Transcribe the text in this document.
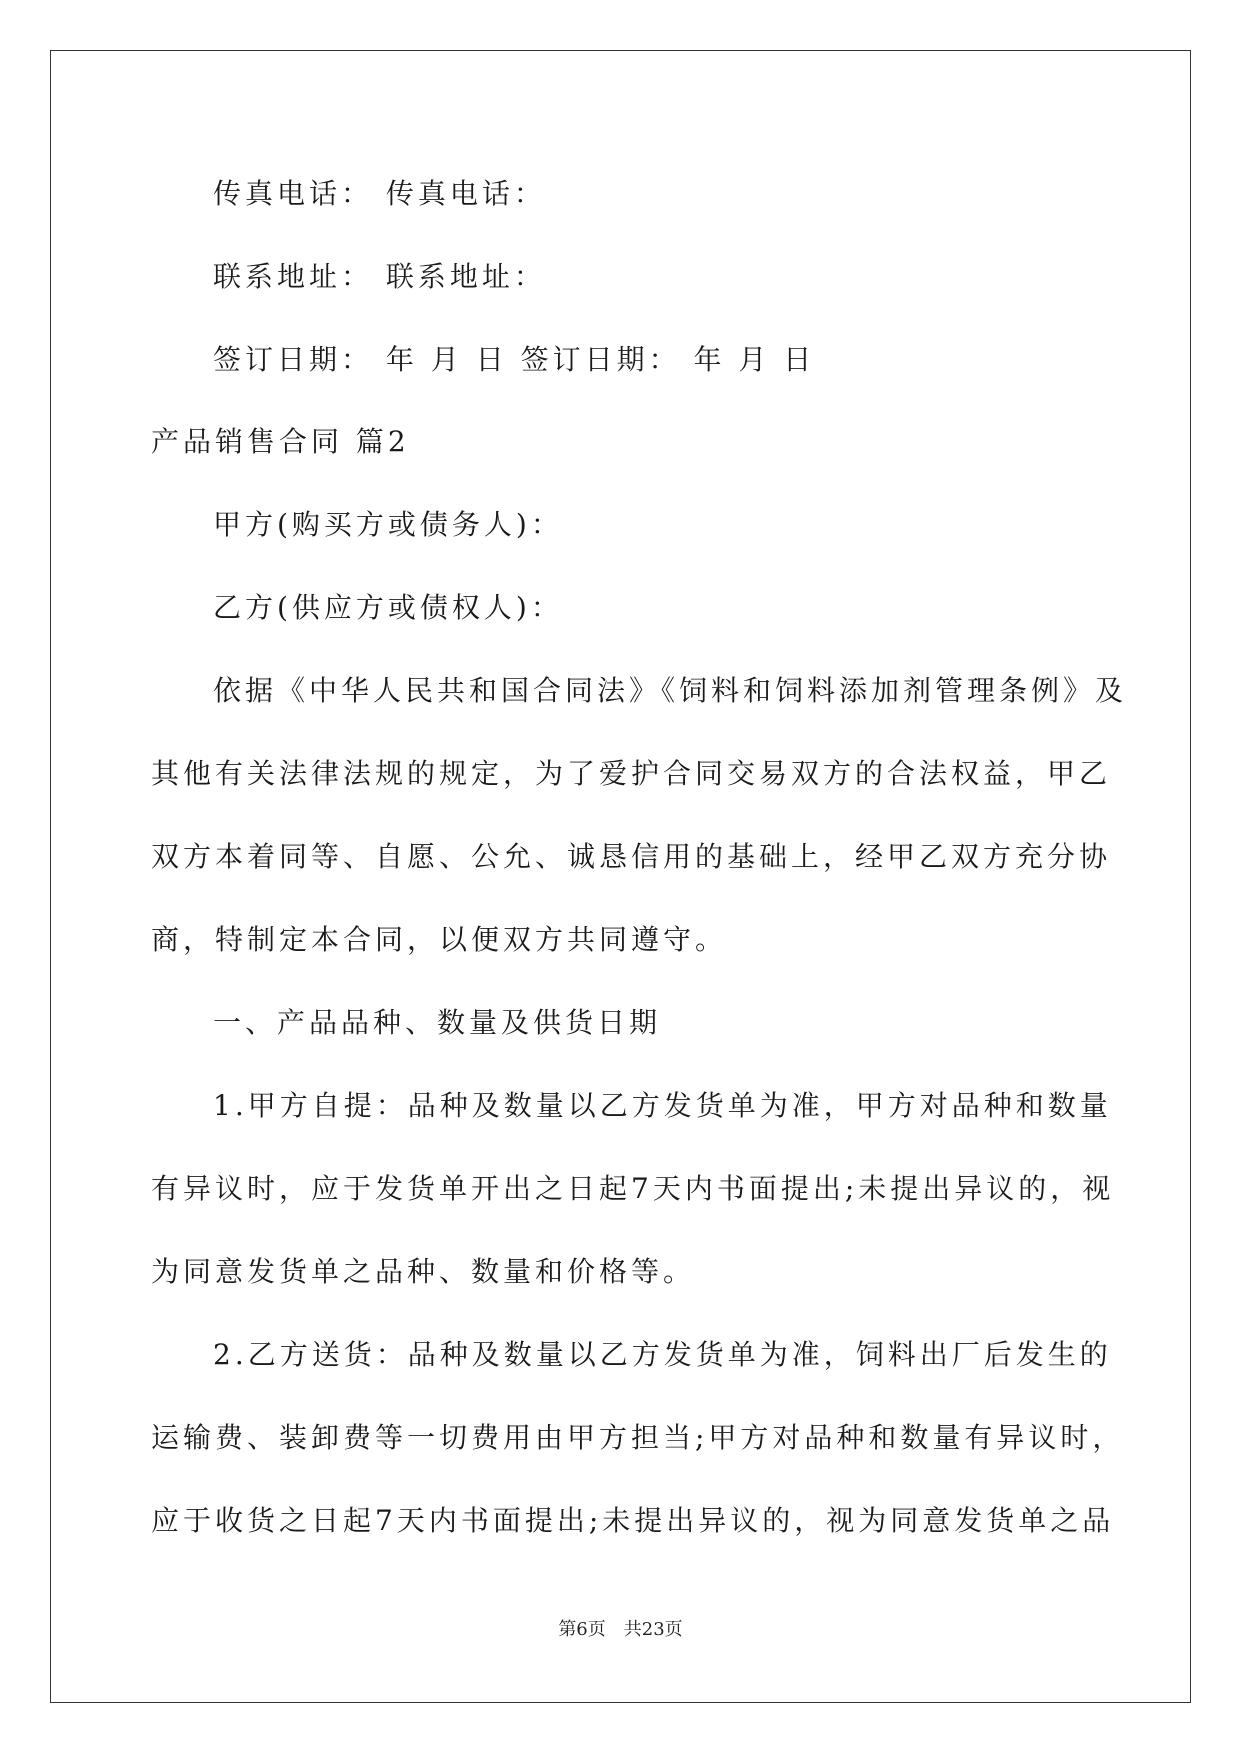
传真电话： 传真电话：
联系地址： 联系地址：
签订日期： 年 月 日 签订日期： 年 月 日
产品销售合同 篇2
甲方(购买方或债务人)：
乙方(供应方或债权人)：
依据《中华人民共和国合同法》《饲料和饲料添加剂管理条例》及
其他有关法律法规的规定，为了爱护合同交易双方的合法权益，甲乙
双方本着同等、自愿、公允、诚恳信用的基础上，经甲乙双方充分协
商，特制定本合同，以便双方共同遵守。
一、产品品种、数量及供货日期
1.甲方自提：品种及数量以乙方发货单为准，甲方对品种和数量
有异议时，应于发货单开出之日起7天内书面提出;未提出异议的，视
为同意发货单之品种、数量和价格等。
2.乙方送货：品种及数量以乙方发货单为准，饲料出厂后发生的
运输费、装卸费等一切费用由甲方担当;甲方对品种和数量有异议时，
应于收货之日起7天内书面提出;未提出异议的，视为同意发货单之品
第6页 共23页
